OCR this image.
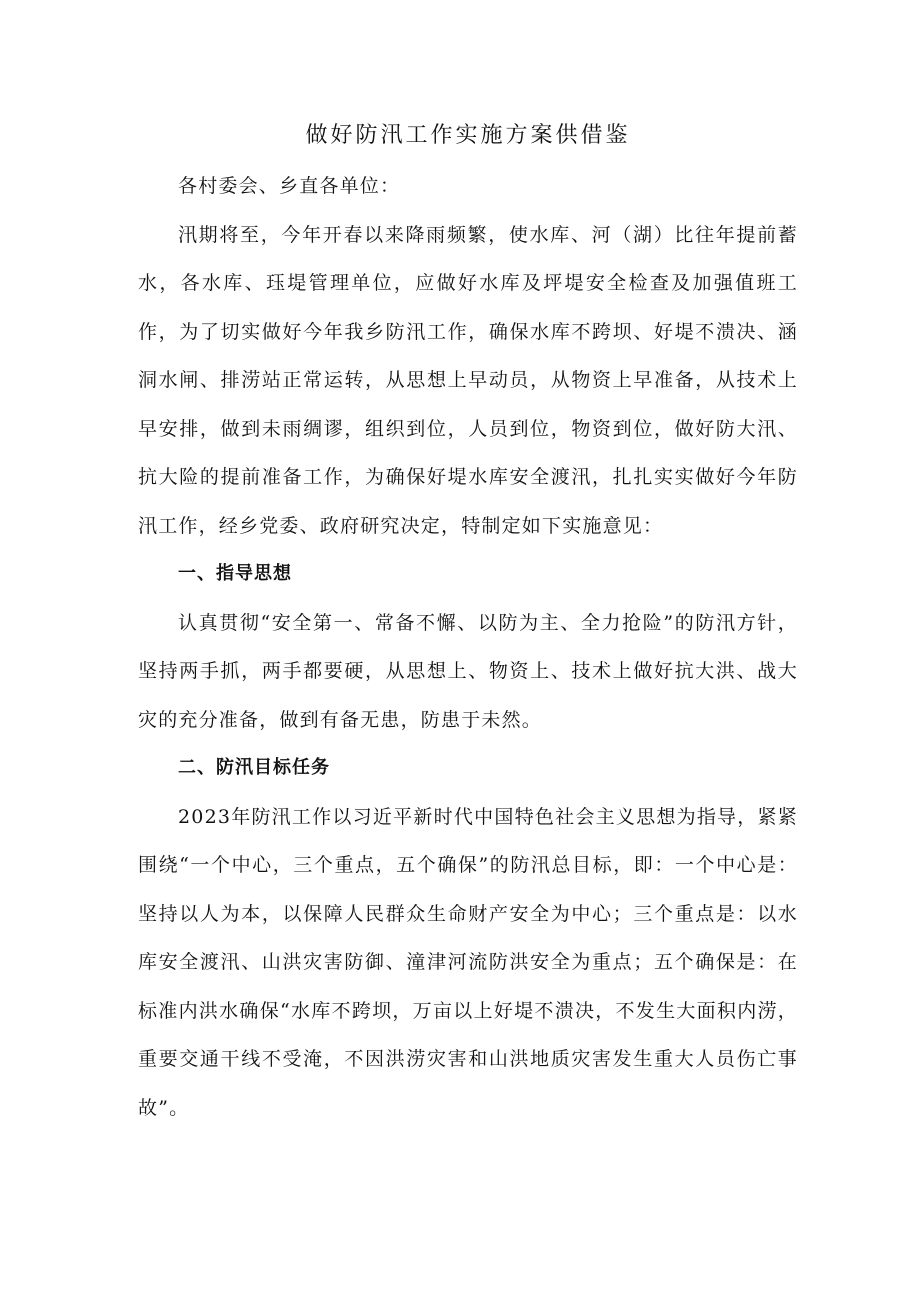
做好防汛工作实施方案供借鉴

各村委会、乡直各单位：

汛期将至，今年开春以来降雨频繁，使水库、河（湖）比往年提前蓄水，各水库、珏堤管理单位，应做好水库及坪堤安全检查及加强值班工作，为了切实做好今年我乡防汛工作，确保水库不跨坝、好堤不溃决、涵洞水闸、排涝站正常运转，从思想上早动员，从物资上早准备，从技术上早安排，做到未雨绸谬，组织到位，人员到位，物资到位，做好防大汛、抗大险的提前准备工作，为确保好堤水库安全渡汛，扎扎实实做好今年防汛工作，经乡党委、政府研究决定，特制定如下实施意见：

一、指导思想

认真贯彻“安全第一、常备不懈、以防为主、全力抢险”的防汛方针，坚持两手抓，两手都要硬，从思想上、物资上、技术上做好抗大洪、战大灾的充分准备，做到有备无患，防患于未然。

二、防汛目标任务

2023年防汛工作以习近平新时代中国特色社会主义思想为指导，紧紧围绕“一个中心，三个重点，五个确保”的防汛总目标，即：一个中心是：坚持以人为本，以保障人民群众生命财产安全为中心；三个重点是：以水库安全渡汛、山洪灾害防御、潼津河流防洪安全为重点；五个确保是：在标准内洪水确保“水库不跨坝，万亩以上好堤不溃决，不发生大面积内涝，重要交通干线不受淹，不因洪涝灾害和山洪地质灾害发生重大人员伤亡事故”。
